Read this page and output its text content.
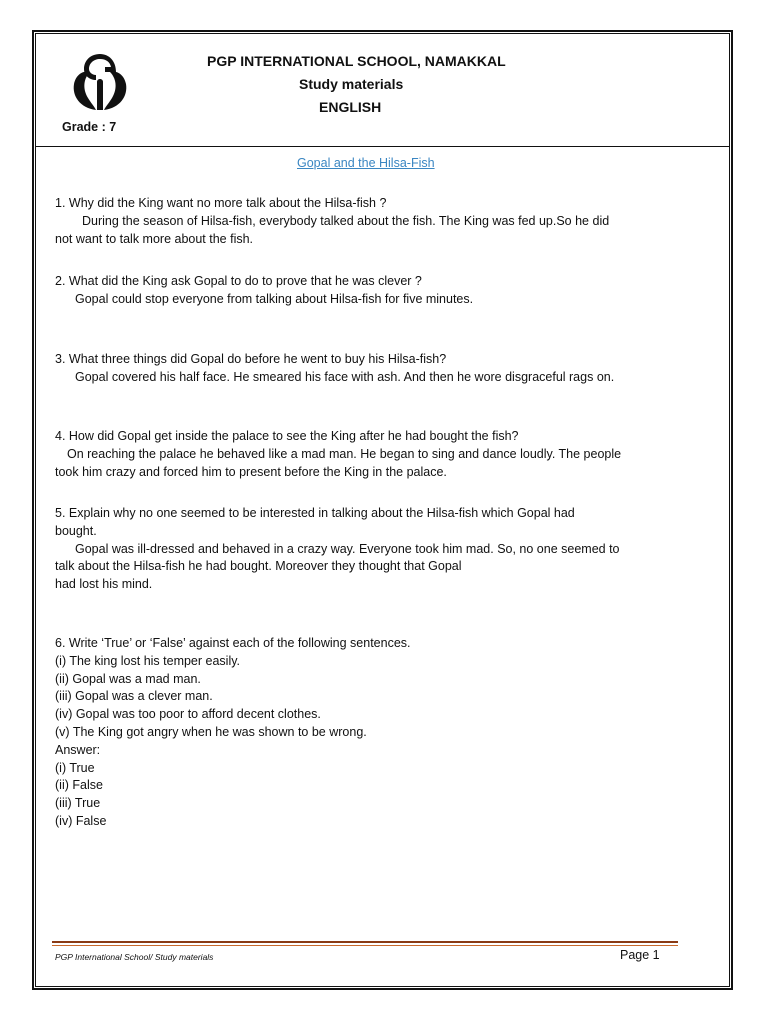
PGP INTERNATIONAL SCHOOL, NAMAKKAL
Study materials
ENGLISH
Grade : 7
Gopal and the Hilsa-Fish
1. Why did the King want no more talk about the Hilsa-fish ?
During the season of Hilsa-fish, everybody talked about the fish. The King was fed up.So he did
not want to talk more about the fish.
2. What did the King ask Gopal to do to prove that he was clever ?
Gopal could stop everyone from talking about Hilsa-fish for five minutes.
3. What three things did Gopal do before he went to buy his Hilsa-fish?
Gopal covered his half face. He smeared his face with ash. And then he wore disgraceful rags on.
4. How did Gopal get inside the palace to see the King after he had bought the fish?
On reaching the palace he behaved like a mad man. He began to sing and dance loudly. The people
took him crazy and forced him to present before the King in the palace.
5. Explain why no one seemed to be interested in talking about the Hilsa-fish which Gopal had
bought.
Gopal was ill-dressed and behaved in a crazy way. Everyone took him mad. So, no one seemed to
talk about the Hilsa-fish he had bought. Moreover they thought that Gopal
had lost his mind.
6. Write ‘True’ or ‘False’ against each of the following sentences.
(i) The king lost his temper easily.
(ii) Gopal was a mad man.
(iii) Gopal was a clever man.
(iv) Gopal was too poor to afford decent clothes.
(v) The King got angry when he was shown to be wrong.
Answer:
(i) True
(ii) False
(iii) True
(iv) False
PGP International School/ Study materials	Page 1
